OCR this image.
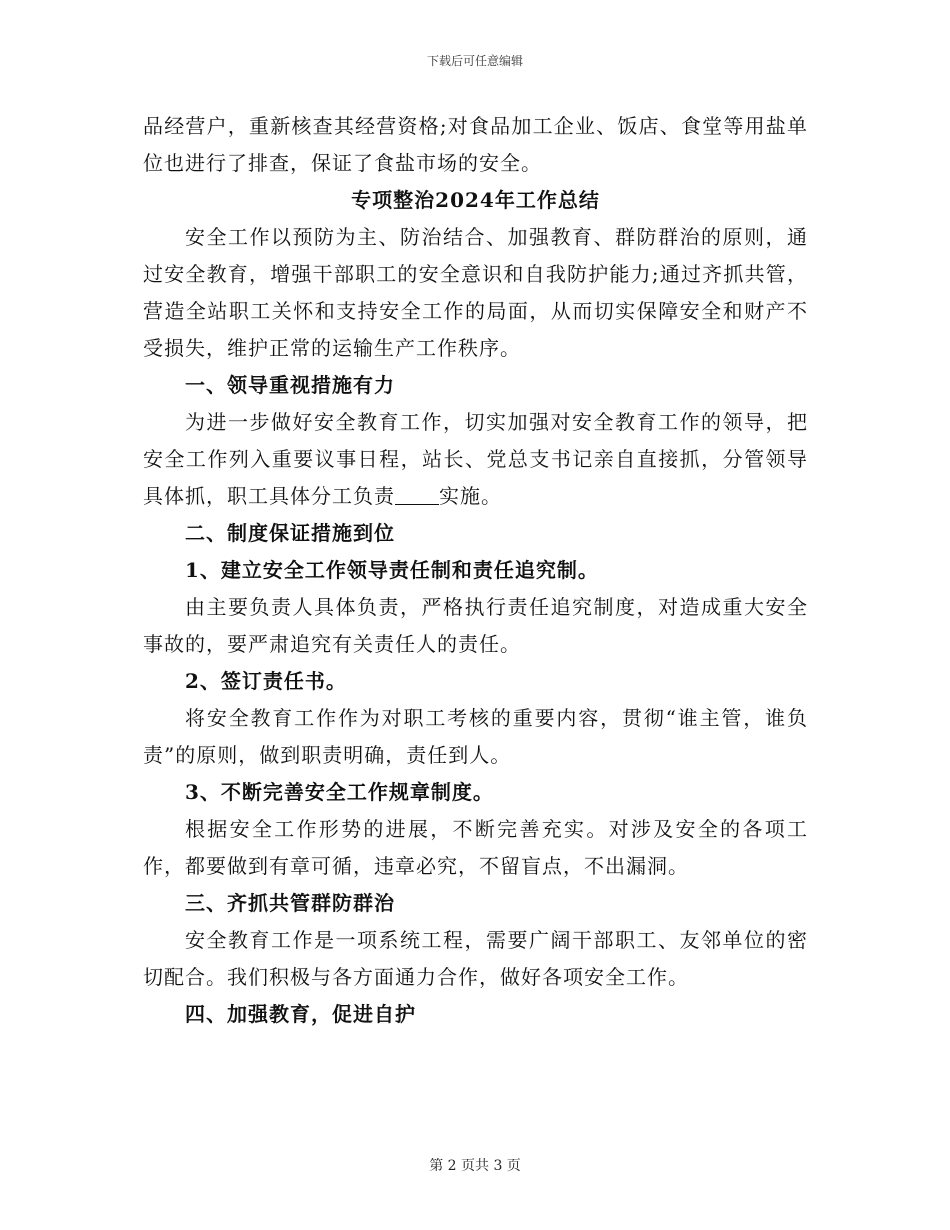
下载后可任意编辑

品经营户，重新核查其经营资格;对食品加工企业、饭店、食堂等用盐单位也进行了排查，保证了食盐市场的安全。

专项整治2024年工作总结

安全工作以预防为主、防治结合、加强教育、群防群治的原则，通过安全教育，增强干部职工的安全意识和自我防护能力;通过齐抓共管，营造全站职工关怀和支持安全工作的局面，从而切实保障安全和财产不受损失，维护正常的运输生产工作秩序。

一、领导重视措施有力

为进一步做好安全教育工作，切实加强对安全教育工作的领导，把安全工作列入重要议事日程，站长、党总支书记亲自直接抓，分管领导具体抓，职工具体分工负责 实施。

二、制度保证措施到位

1、建立安全工作领导责任制和责任追究制。

由主要负责人具体负责，严格执行责任追究制度，对造成重大安全事故的，要严肃追究有关责任人的责任。

2、签订责任书。

将安全教育工作作为对职工考核的重要内容，贯彻“谁主管，谁负责”的原则，做到职责明确，责任到人。

3、不断完善安全工作规章制度。

根据安全工作形势的进展，不断完善充实。对涉及安全的各项工作，都要做到有章可循，违章必究，不留盲点，不出漏洞。

三、齐抓共管群防群治

安全教育工作是一项系统工程，需要广阔干部职工、友邻单位的密切配合。我们积极与各方面通力合作，做好各项安全工作。

四、加强教育，促进自护

第 2 页共 3 页
